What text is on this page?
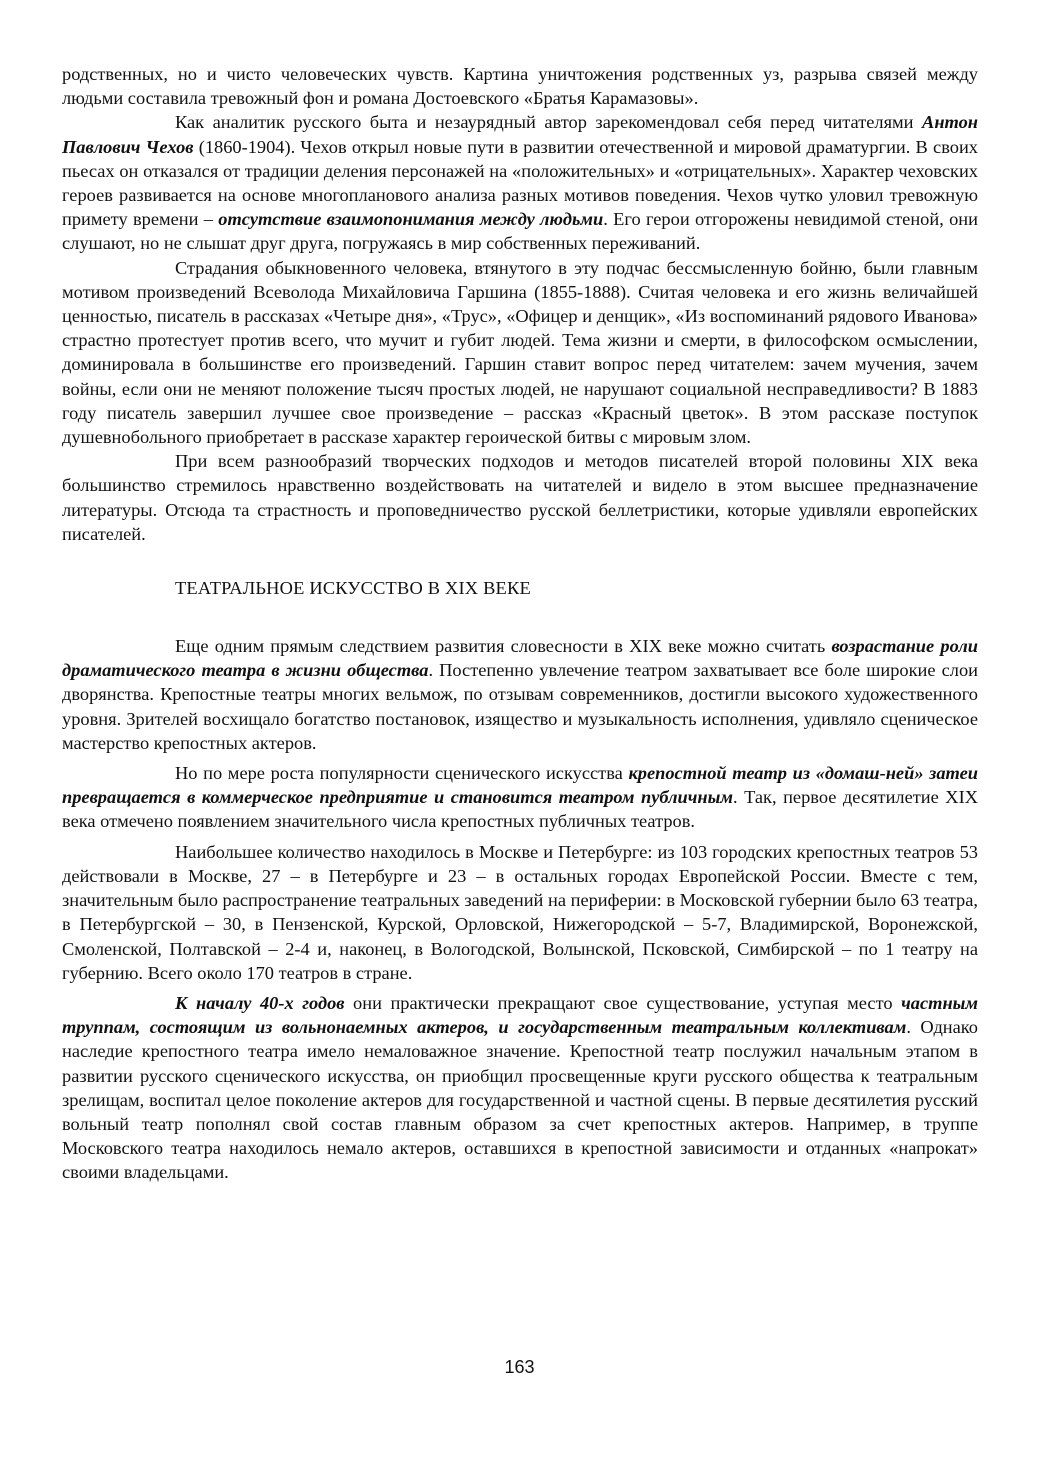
родственных, но и чисто человеческих чувств. Картина уничтожения родственных уз, разрыва связей между людьми составила тревожный фон и романа Достоевского «Братья Карамазовы».

Как аналитик русского быта и незаурядный автор зарекомендовал себя перед читателями Антон Павлович Чехов (1860-1904). Чехов открыл новые пути в развитии отечественной и мировой драматургии. В своих пьесах он отказался от традиции деления персонажей на «положительных» и «отрицательных». Характер чеховских героев развивается на основе многопланового анализа разных мотивов поведения. Чехов чутко уловил тревожную примету времени – отсутствие взаимопонимания между людьми. Его герои отгорожены невидимой стеной, они слушают, но не слышат друг друга, погружаясь в мир собственных переживаний.

Страдания обыкновенного человека, втянутого в эту подчас бессмысленную бойню, были главным мотивом произведений Всеволода Михайловича Гаршина (1855-1888). Считая человека и его жизнь величайшей ценностью, писатель в рассказах «Четыре дня», «Трус», «Офицер и денщик», «Из воспоминаний рядового Иванова» страстно протестует против всего, что мучит и губит людей. Тема жизни и смерти, в философском осмыслении, доминировала в большинстве его произведений. Гаршин ставит вопрос перед читателем: зачем мучения, зачем войны, если они не меняют положение тысяч простых людей, не нарушают социальной несправедливости? В 1883 году писатель завершил лучшее свое произведение – рассказ «Красный цветок». В этом рассказе поступок душевнобольного приобретает в рассказе характер героической битвы с мировым злом.

При всем разнообразий творческих подходов и методов писателей второй половины XIX века большинство стремилось нравственно воздействовать на читателей и видело в этом высшее предназначение литературы. Отсюда та страстность и проповедничество русской беллетристики, которые удивляли европейских писателей.

ТЕАТРАЛЬНОЕ ИСКУССТВО В XIX ВЕКЕ

Еще одним прямым следствием развития словесности в XIX веке можно считать возрастание роли драматического театра в жизни общества. Постепенно увлечение театром захватывает все боле широкие слои дворянства. Крепостные театры многих вельмож, по отзывам современников, достигли высокого художественного уровня. Зрителей восхищало богатство постановок, изящество и музыкальность исполнения, удивляло сценическое мастерство крепостных актеров.

Но по мере роста популярности сценического искусства крепостной театр из «домаш-ней» затеи превращается в коммерческое предприятие и становится театром публичным. Так, первое десятилетие XIX века отмечено появлением значительного числа крепостных публичных театров.

Наибольшее количество находилось в Москве и Петербурге: из 103 городских крепостных театров 53 действовали в Москве, 27 – в Петербурге и 23 – в остальных городах Европейской России. Вместе с тем, значительным было распространение театральных заведений на периферии: в Московской губернии было 63 театра, в Петербургской – 30, в Пензенской, Курской, Орловской, Нижегородской – 5-7, Владимирской, Воронежской, Смоленской, Полтавской – 2-4 и, наконец, в Вологодской, Волынской, Псковской, Симбирской – по 1 театру на губернию. Всего около 170 театров в стране.

К началу 40-х годов они практически прекращают свое существование, уступая место частным труппам, состоящим из вольнонаемных актеров, и государственным театральным коллективам. Однако наследие крепостного театра имело немаловажное значение. Крепостной театр послужил начальным этапом в развитии русского сценического искусства, он приобщил просвещенные круги русского общества к театральным зрелищам, воспитал целое поколение актеров для государственной и частной сцены. В первые десятилетия русский вольный театр пополнял свой состав главным образом за счет крепостных актеров. Например, в труппе Московского театра находилось немало актеров, оставшихся в крепостной зависимости и отданных «напрокат» своими владельцами.

163
